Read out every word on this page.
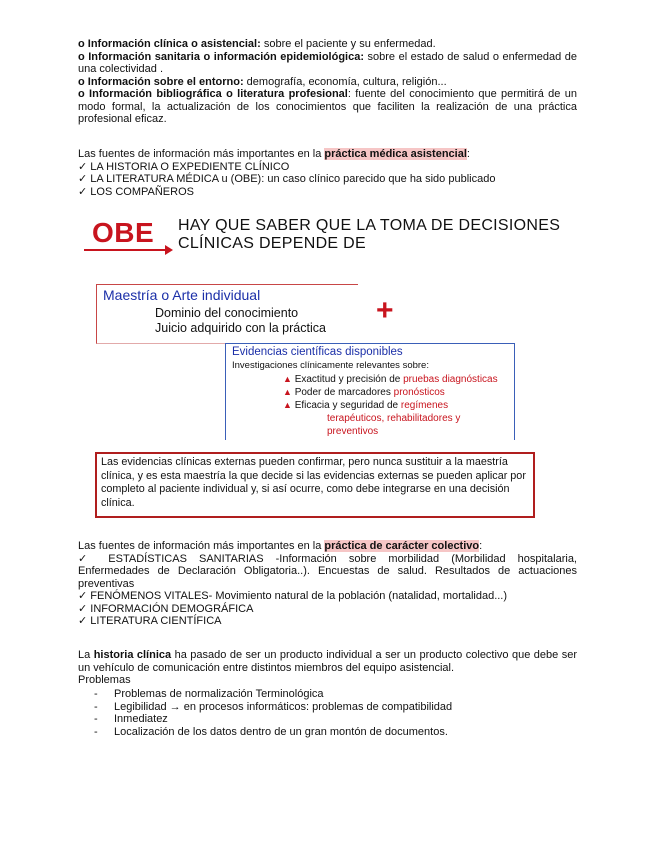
o Información clínica o asistencial: sobre el paciente y su enfermedad.
o Información sanitaria o información epidemiológica: sobre el estado de salud o enfermedad de una colectividad .
o Información sobre el entorno: demografía, economía, cultura, religión...
o Información bibliográfica o literatura profesional: fuente del conocimiento que permitirá de un modo formal, la actualización de los conocimientos que faciliten la realización de una práctica profesional eficaz.
Las fuentes de información más importantes en la práctica médica asistencial:
✓ LA HISTORIA O EXPEDIENTE CLÍNICO
✓ LA LITERATURA MÉDICA u (OBE): un caso clínico parecido que ha sido publicado
✓ LOS COMPAÑEROS
OBE HAY QUE SABER QUE LA TOMA DE DECISIONES
CLÍNICAS DEPENDE DE
Maestría o Arte individual
Dominio del conocimiento
Juicio adquirido con la práctica
+
Evidencias científicas disponibles
Investigaciones clínicamente relevantes sobre:
▲ Exactitud y precisión de pruebas diagnósticas
▲ Poder de marcadores pronósticos
▲ Eficacia y seguridad de regímenes
terapéuticos, rehabilitadores y
preventivos
Las evidencias clínicas externas pueden confirmar, pero nunca sustituir a la maestría clínica, y es esta maestría la que decide si las evidencias externas se pueden aplicar por completo al paciente individual y, si así ocurre, como debe integrarse en una decisión clínica.
Las fuentes de información más importantes en la práctica de carácter colectivo:
✓ ESTADÍSTICAS SANITARIAS -Información sobre morbilidad (Morbilidad hospitalaria, Enfermedades de Declaración Obligatoria..). Encuestas de salud. Resultados de actuaciones preventivas
✓ FENÓMENOS VITALES- Movimiento natural de la población (natalidad, mortalidad...)
✓ INFORMACIÓN DEMOGRÁFICA
✓ LITERATURA CIENTÍFICA
La historia clínica ha pasado de ser un producto individual a ser un producto colectivo que debe ser un vehículo de comunicación entre distintos miembros del equipo asistencial.
Problemas
- Problemas de normalización Terminológica
- Legibilidad → en procesos informáticos: problemas de compatibilidad
- Inmediatez
- Localización de los datos dentro de un gran montón de documentos.
